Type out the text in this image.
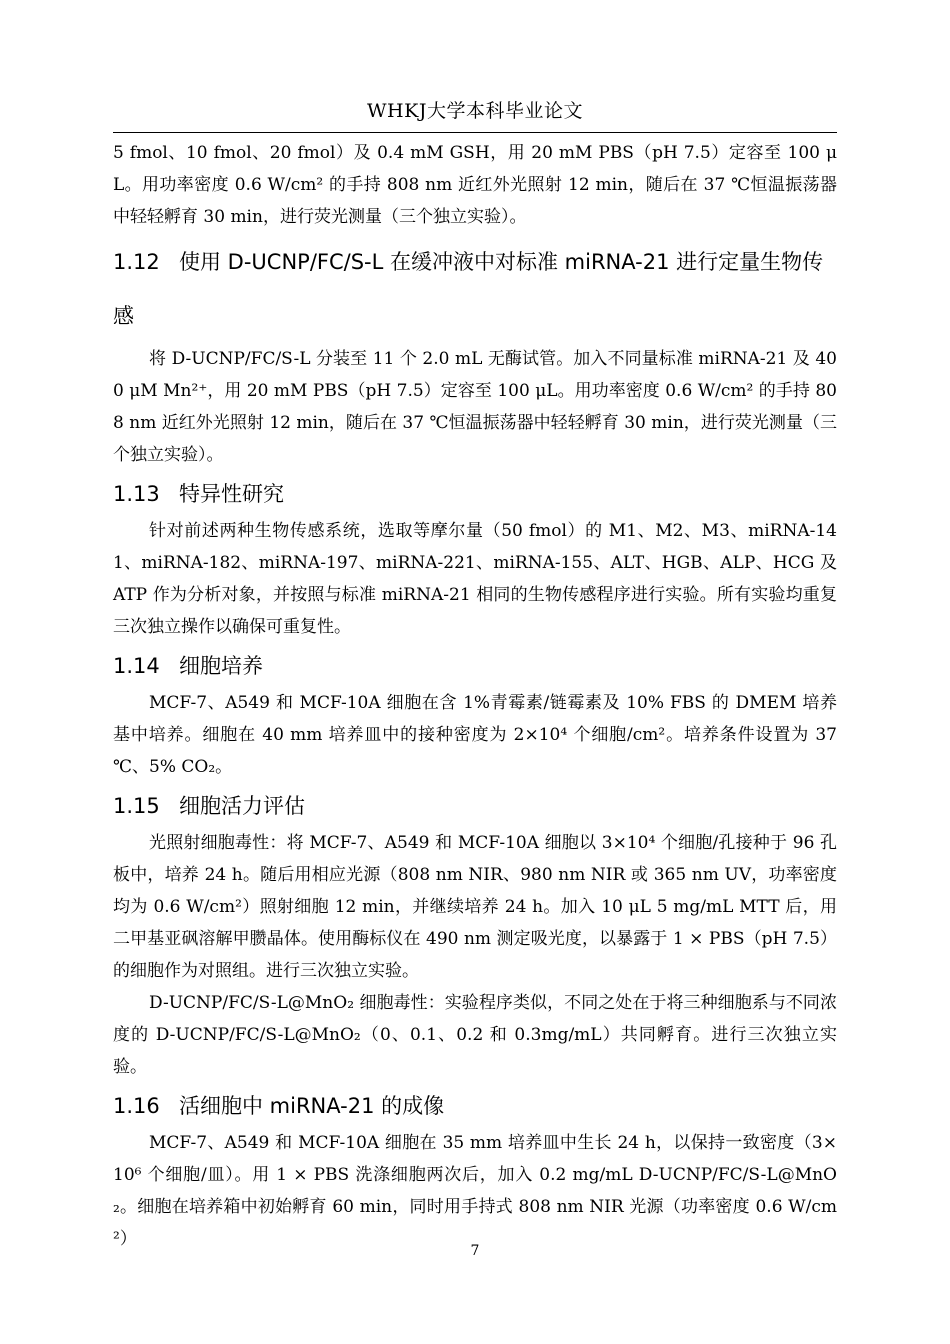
WHKJ大学本科毕业论文

5 fmol、10 fmol、20 fmol）及 0.4 mM GSH，用 20 mM PBS（pH 7.5）定容至 100 μL。用功率密度 0.6 W/cm² 的手持 808 nm 近红外光照射 12 min，随后在 37 ℃恒温振荡器中轻轻孵育 30 min，进行荧光测量（三个独立实验）。

1.12 使用 D-UCNP/FC/S-L 在缓冲液中对标准 miRNA-21 进行定量生物传感

将 D-UCNP/FC/S-L 分装至 11 个 2.0 mL 无酶试管。加入不同量标准 miRNA-21 及 400 μM Mn²⁺，用 20 mM PBS（pH 7.5）定容至 100 μL。用功率密度 0.6 W/cm² 的手持 808 nm 近红外光照射 12 min，随后在 37 ℃恒温振荡器中轻轻孵育 30 min，进行荧光测量（三个独立实验）。

1.13 特异性研究

针对前述两种生物传感系统，选取等摩尔量（50 fmol）的 M1、M2、M3、miRNA-141、miRNA-182、miRNA-197、miRNA-221、miRNA-155、ALT、HGB、ALP、HCG 及 ATP 作为分析对象，并按照与标准 miRNA-21 相同的生物传感程序进行实验。所有实验均重复三次独立操作以确保可重复性。

1.14 细胞培养

MCF-7、A549 和 MCF-10A 细胞在含 1%青霉素/链霉素及 10% FBS 的 DMEM 培养基中培养。细胞在 40 mm 培养皿中的接种密度为 2×10⁴ 个细胞/cm²。培养条件设置为 37 ℃、5% CO₂。

1.15 细胞活力评估

光照射细胞毒性：将 MCF-7、A549 和 MCF-10A 细胞以 3×10⁴ 个细胞/孔接种于 96 孔板中，培养 24 h。随后用相应光源（808 nm NIR、980 nm NIR 或 365 nm UV，功率密度均为 0.6 W/cm²）照射细胞 12 min，并继续培养 24 h。加入 10 μL 5 mg/mL MTT 后，用二甲基亚砜溶解甲臜晶体。使用酶标仪在 490 nm 测定吸光度，以暴露于 1 × PBS（pH 7.5）的细胞作为对照组。进行三次独立实验。

D-UCNP/FC/S-L@MnO₂ 细胞毒性：实验程序类似，不同之处在于将三种细胞系与不同浓度的 D-UCNP/FC/S-L@MnO₂（0、0.1、0.2 和 0.3mg/mL）共同孵育。进行三次独立实验。

1.16 活细胞中 miRNA-21 的成像

MCF-7、A549 和 MCF-10A 细胞在 35 mm 培养皿中生长 24 h，以保持一致密度（3×10⁶ 个细胞/皿）。用 1 × PBS 洗涤细胞两次后，加入 0.2 mg/mL D-UCNP/FC/S-L@MnO₂。细胞在培养箱中初始孵育 60 min，同时用手持式 808 nm NIR 光源（功率密度 0.6 W/cm²）

7
